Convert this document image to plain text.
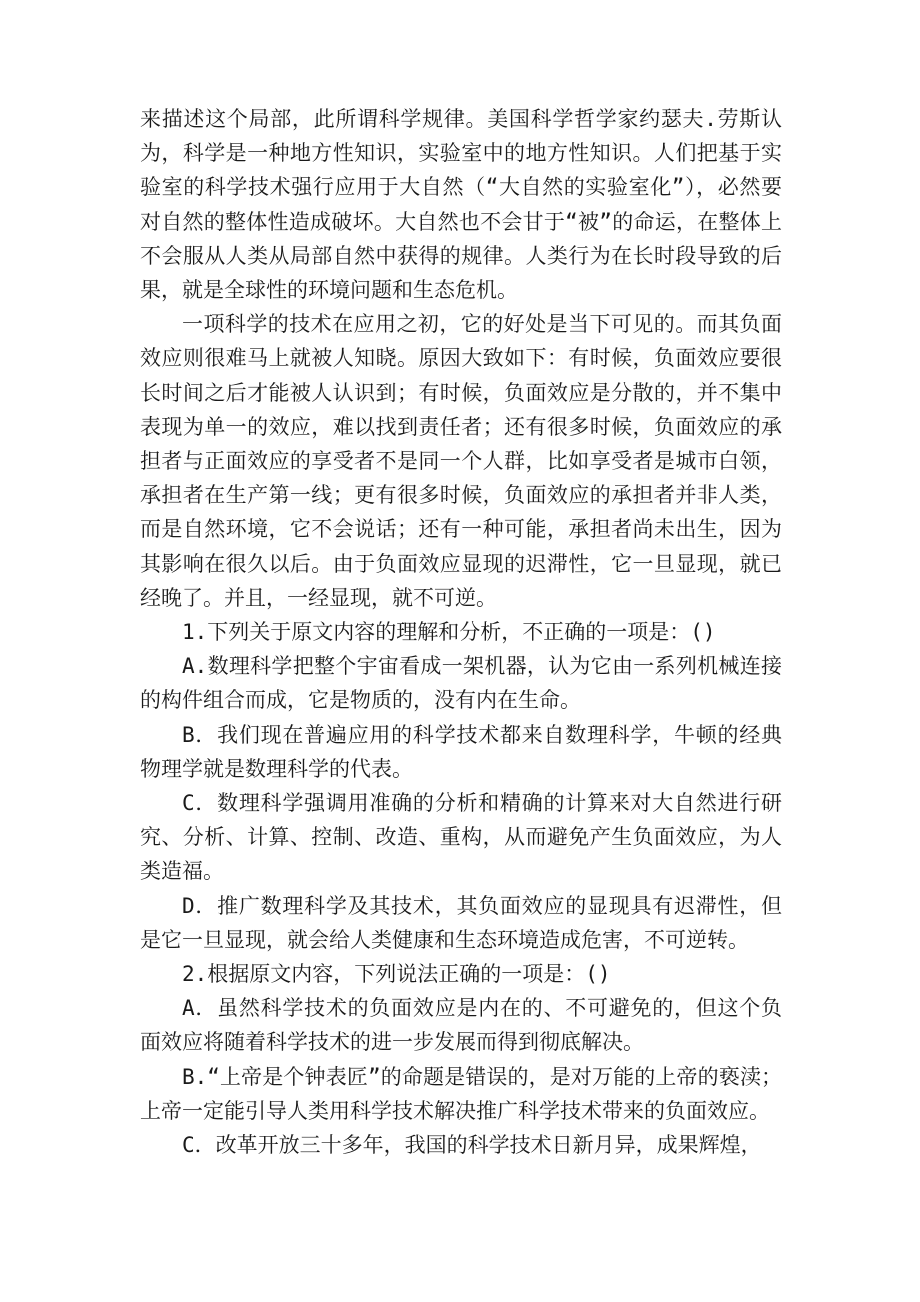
来描述这个局部，此所谓科学规律。美国科学哲学家约瑟夫.劳斯认为，科学是一种地方性知识，实验室中的地方性知识。人们把基于实验室的科学技术强行应用于大自然（“大自然的实验室化”），必然要对自然的整体性造成破坏。大自然也不会甘于“被”的命运，在整体上不会服从人类从局部自然中获得的规律。人类行为在长时段导致的后果，就是全球性的环境问题和生态危机。

一项科学的技术在应用之初，它的好处是当下可见的。而其负面效应则很难马上就被人知晓。原因大致如下：有时候，负面效应要很长时间之后才能被人认识到；有时候，负面效应是分散的，并不集中表现为单一的效应，难以找到责任者；还有很多时候，负面效应的承担者与正面效应的享受者不是同一个人群，比如享受者是城市白领，承担者在生产第一线；更有很多时候，负面效应的承担者并非人类，而是自然环境，它不会说话；还有一种可能，承担者尚未出生，因为其影响在很久以后。由于负面效应显现的迟滞性，它一旦显现，就已经晚了。并且，一经显现，就不可逆。

1.下列关于原文内容的理解和分析，不正确的一项是：()

A.数理科学把整个宇宙看成一架机器，认为它由一系列机械连接的构件组合而成，它是物质的，没有内在生命。

B．我们现在普遍应用的科学技术都来自数理科学，牛顿的经典物理学就是数理科学的代表。

C．数理科学强调用准确的分析和精确的计算来对大自然进行研究、分析、计算、控制、改造、重构，从而避免产生负面效应，为人类造福。

D．推广数理科学及其技术，其负面效应的显现具有迟滞性，但是它一旦显现，就会给人类健康和生态环境造成危害，不可逆转。

2.根据原文内容，下列说法正确的一项是：()

A．虽然科学技术的负面效应是内在的、不可避免的，但这个负面效应将随着科学技术的进一步发展而得到彻底解决。

B.“上帝是个钟表匠”的命题是错误的，是对万能的上帝的亵渎；上帝一定能引导人类用科学技术解决推广科学技术带来的负面效应。

C．改革开放三十多年，我国的科学技术日新月异，成果辉煌，
